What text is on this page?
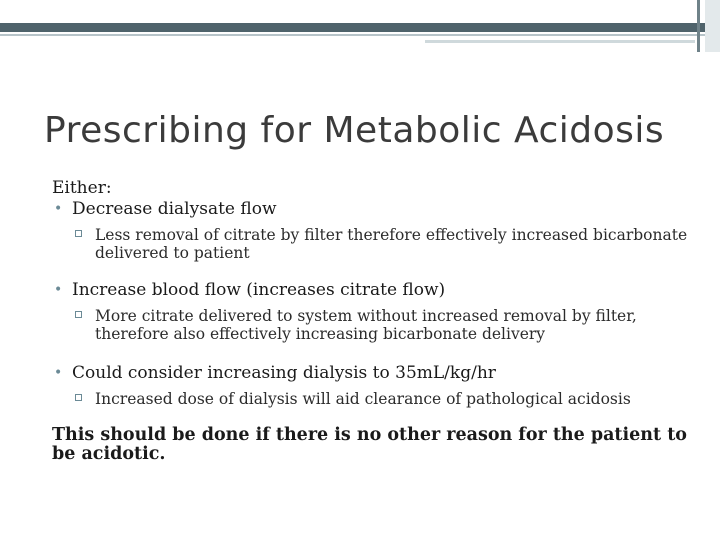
Prescribing for Metabolic Acidosis

Either:

• Decrease dialysate flow

Less removal of citrate by filter therefore effectively increased bicarbonate delivered to patient

• Increase blood flow (increases citrate flow)

More citrate delivered to system without increased removal by filter, therefore also effectively increasing bicarbonate delivery

• Could consider increasing dialysis to 35mL/kg/hr

Increased dose of dialysis will aid clearance of pathological acidosis

This should be done if there is no other reason for the patient to be acidotic.
